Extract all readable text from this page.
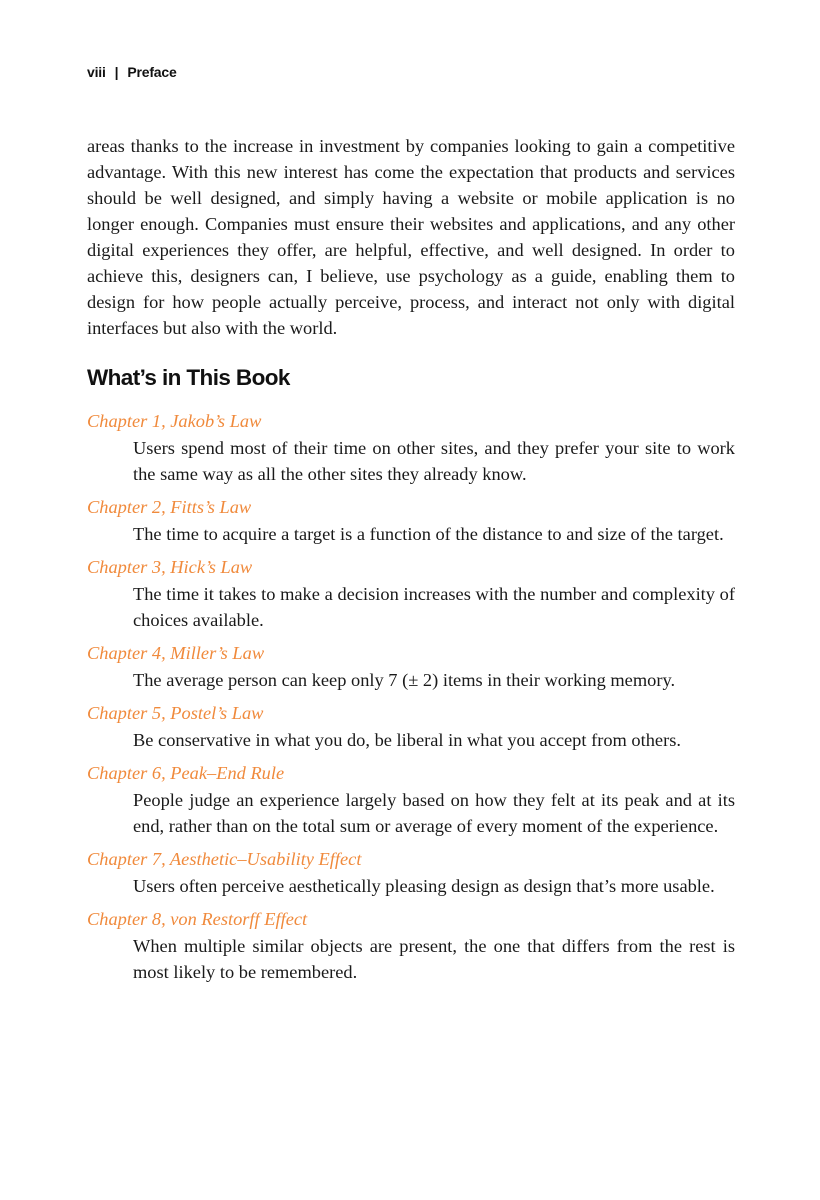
viii | Preface

areas thanks to the increase in investment by companies looking to gain a competitive advantage. With this new interest has come the expectation that products and services should be well designed, and simply having a website or mobile application is no longer enough. Companies must ensure their websites and applications, and any other digital experiences they offer, are helpful, effective, and well designed. In order to achieve this, designers can, I believe, use psychology as a guide, enabling them to design for how people actually perceive, process, and interact not only with digital interfaces but also with the world.

What’s in This Book
Chapter 1, Jakob’s Law
Users spend most of their time on other sites, and they prefer your site to work the same way as all the other sites they already know.
Chapter 2, Fitts’s Law
The time to acquire a target is a function of the distance to and size of the target.
Chapter 3, Hick’s Law
The time it takes to make a decision increases with the number and complexity of choices available.
Chapter 4, Miller’s Law
The average person can keep only 7 (± 2) items in their working memory.
Chapter 5, Postel’s Law
Be conservative in what you do, be liberal in what you accept from others.
Chapter 6, Peak–End Rule
People judge an experience largely based on how they felt at its peak and at its end, rather than on the total sum or average of every moment of the experience.
Chapter 7, Aesthetic–Usability Effect
Users often perceive aesthetically pleasing design as design that’s more usable.
Chapter 8, von Restorff Effect
When multiple similar objects are present, the one that differs from the rest is most likely to be remembered.
